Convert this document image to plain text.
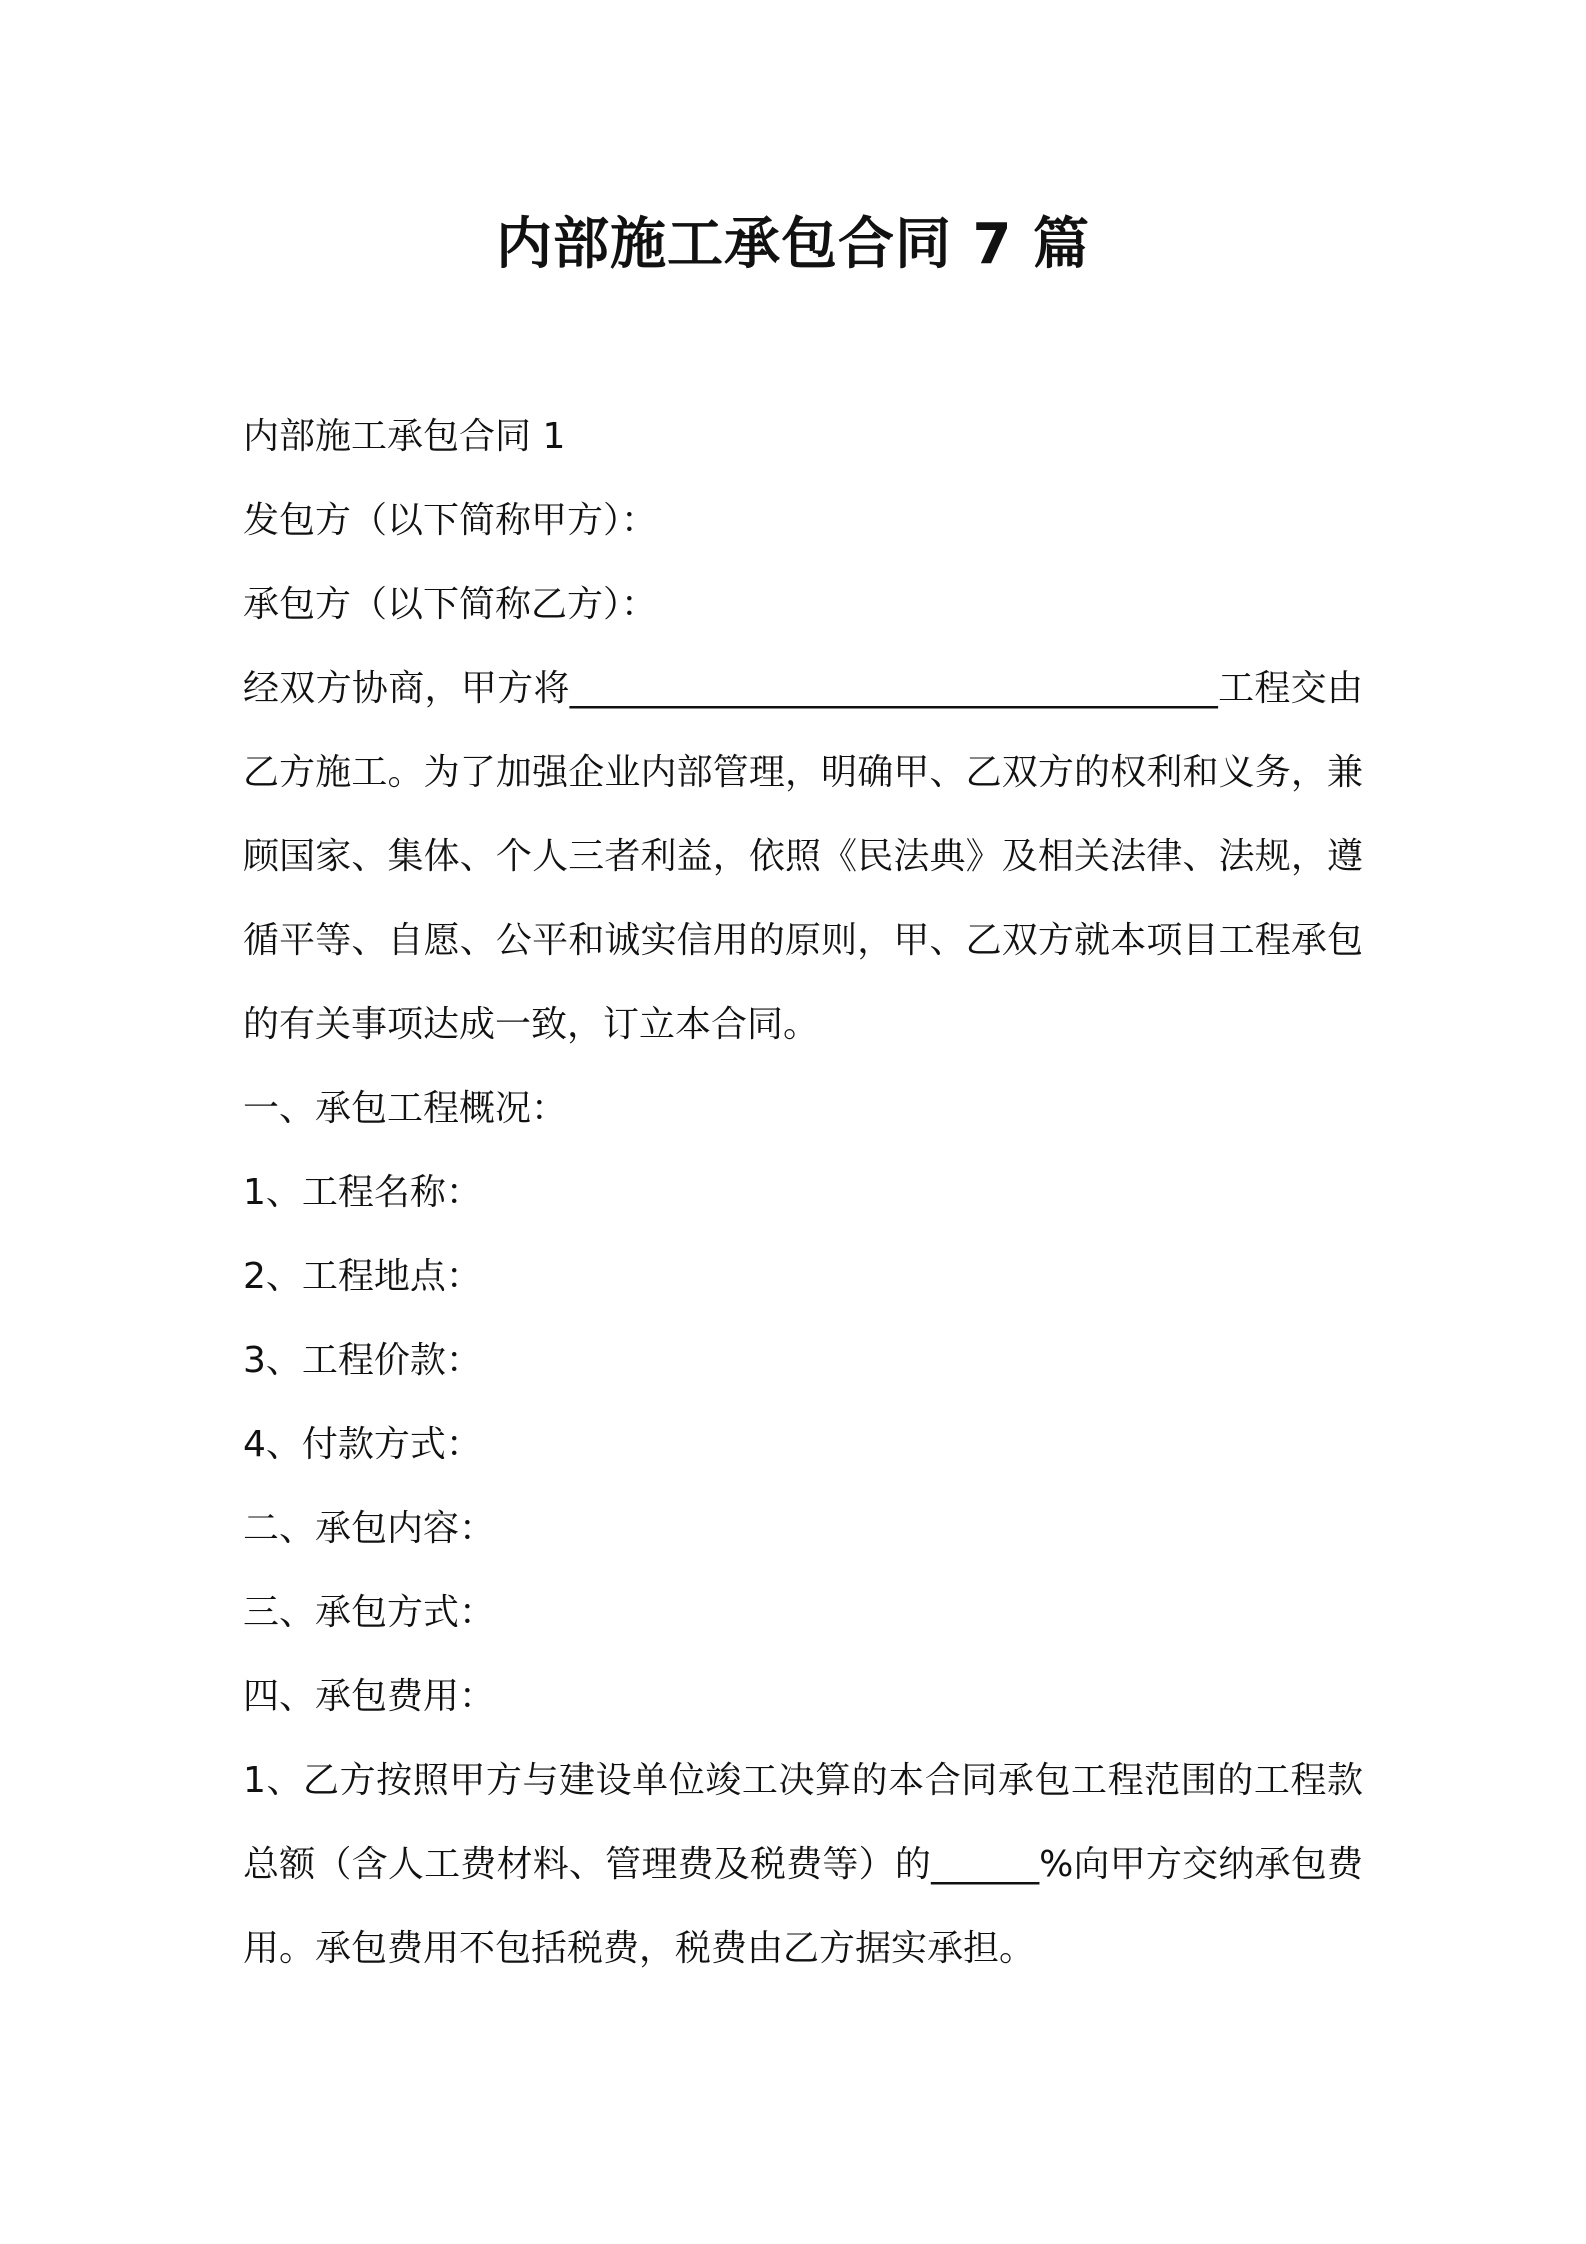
内部施工承包合同 7 篇

内部施工承包合同 1

发包方（以下简称甲方）：

承包方（以下简称乙方）：

经双方协商，甲方将____________________________________工程交由乙方施工。为了加强企业内部管理，明确甲、乙双方的权利和义务，兼顾国家、集体、个人三者利益，依照《民法典》及相关法律、法规，遵循平等、自愿、公平和诚实信用的原则，甲、乙双方就本项目工程承包的有关事项达成一致，订立本合同。

一、承包工程概况：

1、工程名称：

2、工程地点：

3、工程价款：

4、付款方式：

二、承包内容：

三、承包方式：

四、承包费用：

1、乙方按照甲方与建设单位竣工决算的本合同承包工程范围的工程款总额（含人工费材料、管理费及税费等）的______%向甲方交纳承包费用。承包费用不包括税费，税费由乙方据实承担。
